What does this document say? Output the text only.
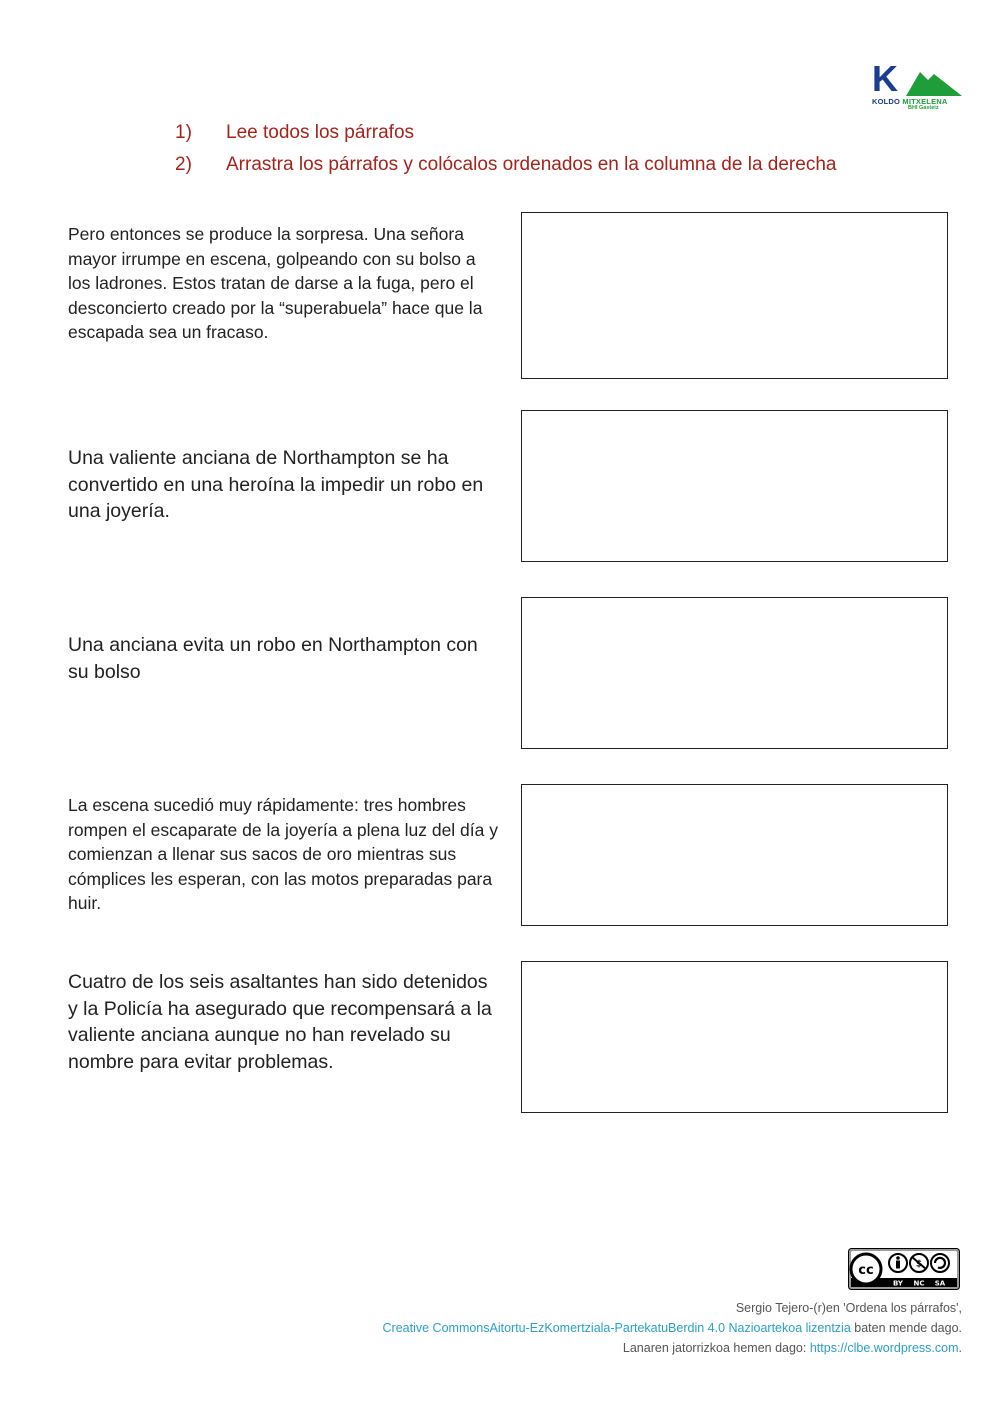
K
KOLDO MITXELENA
BHI Gasteiz
1)	Lee todos los párrafos
2)	Arrastra los párrafos y colócalos ordenados en la columna de la derecha
Pero entonces se produce la sorpresa. Una señora mayor irrumpe en escena, golpeando con su bolso a los ladrones. Estos tratan de darse a la fuga, pero el desconcierto creado por la “superabuela” hace que la escapada sea un fracaso.
Una valiente anciana de Northampton se ha convertido en una heroína la impedir un robo en una joyería.
Una anciana evita un robo en Northampton con su bolso
La escena sucedió muy rápidamente: tres hombres rompen el escaparate de la joyería a plena luz del día y comienzan a llenar sus sacos de oro mientras sus cómplices les esperan, con las motos preparadas para huir.
Cuatro de los seis asaltantes han sido detenidos y la Policía ha asegurado que recompensará a la valiente anciana aunque no han revelado su nombre para evitar problemas.
cc	$
BY NC SA
Sergio Tejero-(r)en 'Ordena los párrafos',
Creative CommonsAitortu-EzKomertziala-PartekatuBerdin 4.0 Nazioartekoa lizentzia baten mende dago.
Lanaren jatorrizkoa hemen dago: https://clbe.wordpress.com.
